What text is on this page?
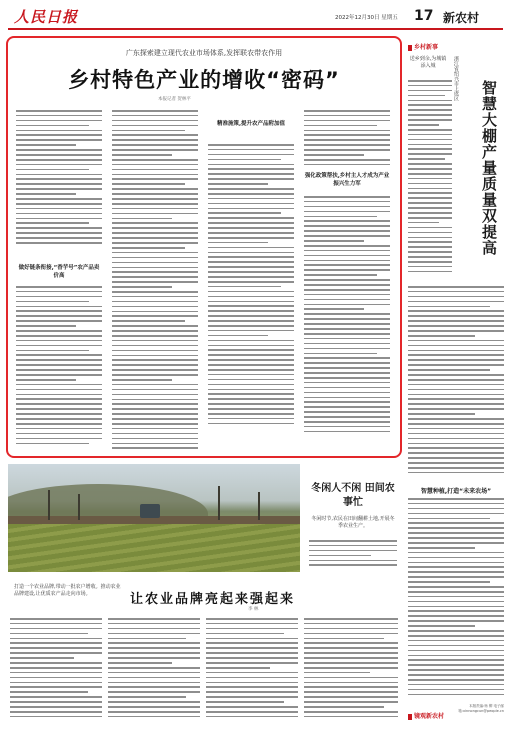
人民日报	2022年12月30日 星期五 17 新农村
广东探索建立现代农业市场体系,发挥联农带农作用
乡村特色产业的增收“密码”
本报记者 贺林平
做好链条衔接,“香芋号”农产品卖价高
精准施策,提升农产品附加值
强化政策帮扶,乡村主人才成为产业振兴生力军
乡村新事
送乡到余,为城镇添入城	浙江省绍兴市上虞区
智慧大棚产量质量双提高
智慧种植,打造“未来农场”
镜观新农村
本版责编:杨 柳 电子邮箱:xinnongcun@people.cn
冬闲人不闲 田间农事忙
冬闲时节,农民在田间翻耕土地,开展冬季农业生产。
打造一个农业品牌,带动一批农户增收。推动农业品牌建设,让优质农产品走向市场。	让农业品牌亮起来强起来
李 林
